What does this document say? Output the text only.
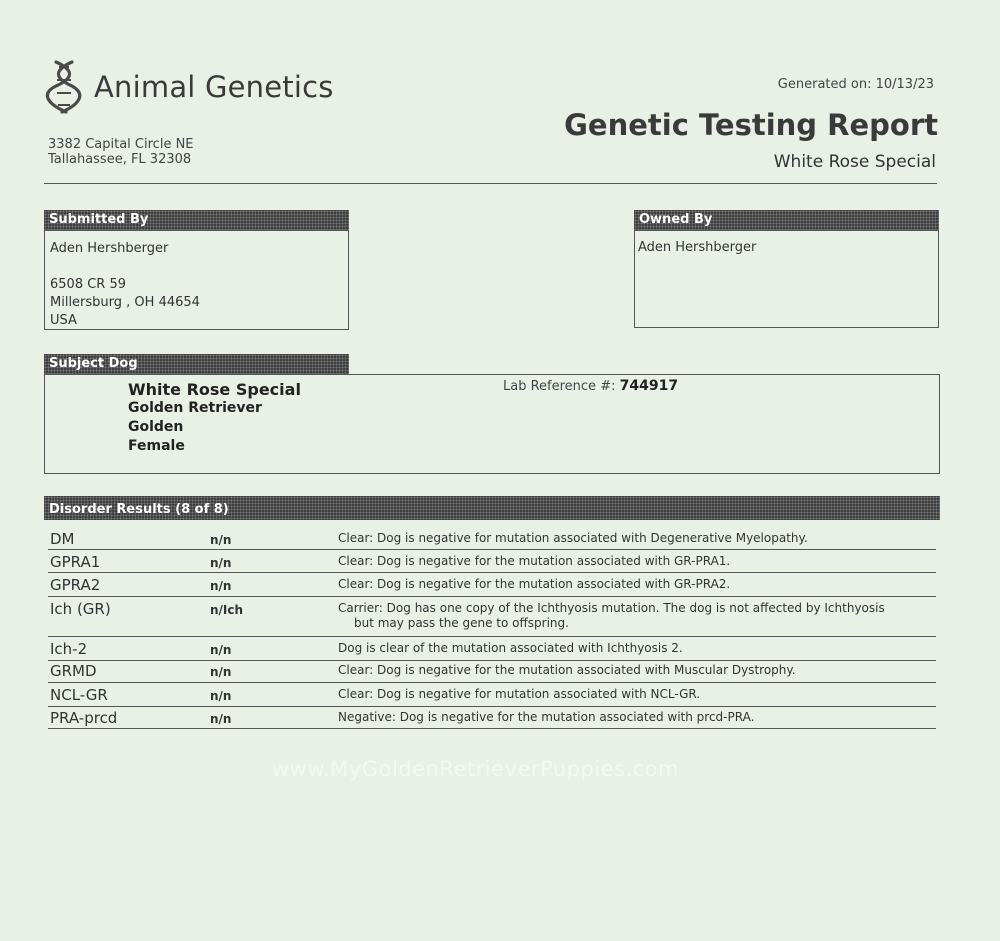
Animal Genetics
3382 Capital Circle NE
Tallahassee, FL 32308
Generated on: 10/13/23
Genetic Testing Report
White Rose Special
Submitted By
Aden Hershberger
6508 CR 59
Millersburg , OH 44654
USA
Owned By
Aden Hershberger
Subject Dog
White Rose Special
Golden Retriever
Golden
Female
Lab Reference #: 744917
Disorder Results (8 of 8)
DM	n/n	Clear: Dog is negative for mutation associated with Degenerative Myelopathy.
GPRA1	n/n	Clear: Dog is negative for the mutation associated with GR-PRA1.
GPRA2	n/n	Clear: Dog is negative for the mutation associated with GR-PRA2.
Ich (GR)	n/Ich	Carrier: Dog has one copy of the Ichthyosis mutation. The dog is not affected by Ichthyosis
but may pass the gene to offspring.
Ich-2	n/n	Dog is clear of the mutation associated with Ichthyosis 2.
GRMD	n/n	Clear: Dog is negative for the mutation associated with Muscular Dystrophy.
NCL-GR	n/n	Clear: Dog is negative for mutation associated with NCL-GR.
PRA-prcd	n/n	Negative: Dog is negative for the mutation associated with prcd-PRA.
www.MyGoldenRetrieverPuppies.com
